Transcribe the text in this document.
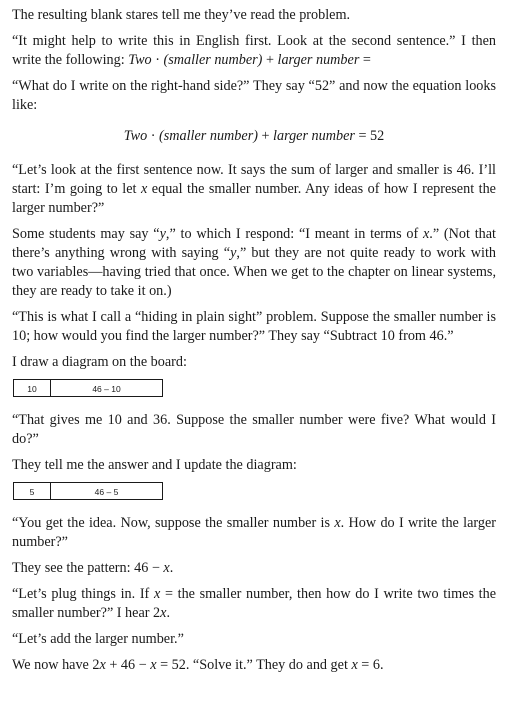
The resulting blank stares tell me they’ve read the problem.

“It might help to write this in English first. Look at the second sentence.” I then write the following: Two · (smaller number) + larger number =

“What do I write on the right-hand side?” They say “52” and now the equation looks like:

Two · (smaller number) + larger number = 52

“Let’s look at the first sentence now. It says the sum of larger and smaller is 46. I’ll start: I’m going to let x equal the smaller number. Any ideas of how I represent the larger number?”

Some students may say “y,” to which I respond: “I meant in terms of x.” (Not that there’s anything wrong with saying “y,” but they are not quite ready to work with two variables—having tried that once. When we get to the chapter on linear systems, they are ready to take it on.)

“This is what I call a “hiding in plain sight” problem. Suppose the smaller number is 10; how would you find the larger number?” They say “Subtract 10 from 46.”

I draw a diagram on the board:

10	46 – 10

“That gives me 10 and 36. Suppose the smaller number were five? What would I do?”

They tell me the answer and I update the diagram:

5	46 – 5

“You get the idea. Now, suppose the smaller number is x. How do I write the larger number?”

They see the pattern: 46 − x.

“Let’s plug things in. If x = the smaller number, then how do I write two times the smaller number?” I hear 2x.

“Let’s add the larger number.”

We now have 2x + 46 − x = 52. “Solve it.” They do and get x = 6.
